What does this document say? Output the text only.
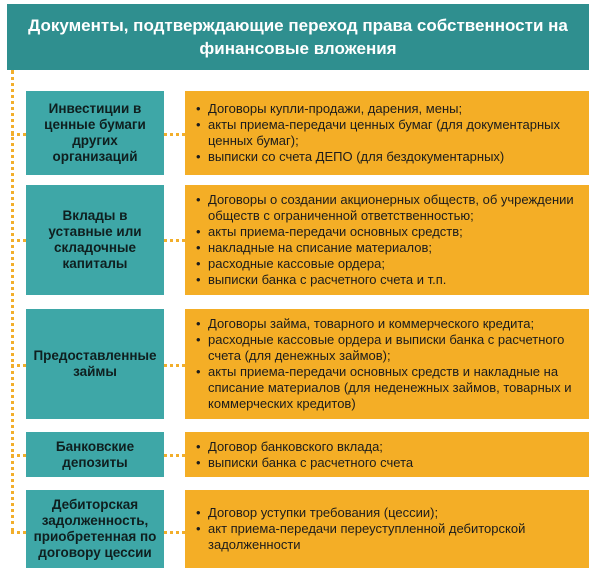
Документы, подтверждающие переход права собственности на финансовые вложения
Инвестиции в ценные бумаги других организаций
• Договоры купли-продажи, дарения, мены;
• акты приема-передачи ценных бумаг (для документарных ценных бумаг);
• выписки со счета ДЕПО (для бездокументарных)
Вклады в уставные или складочные капиталы
• Договоры о создании акционерных обществ, об учреждении обществ с ограниченной ответственностью;
• акты приема-передачи основных средств;
• накладные на списание материалов;
• расходные кассовые ордера;
• выписки банка с расчетного счета и т.п.
Предоставленные займы
• Договоры займа, товарного и коммерческого кредита;
• расходные кассовые ордера и выписки банка с расчетного счета (для денежных займов);
• акты приема-передачи основных средств и накладные на списание материалов (для неденежных займов, товарных и коммерческих кредитов)
Банковские депозиты
• Договор банковского вклада;
• выписки банка с расчетного счета
Дебиторская задолженность, приобретенная по договору цессии
• Договор уступки требования (цессии);
• акт приема-передачи переуступленной дебиторской задолженности
